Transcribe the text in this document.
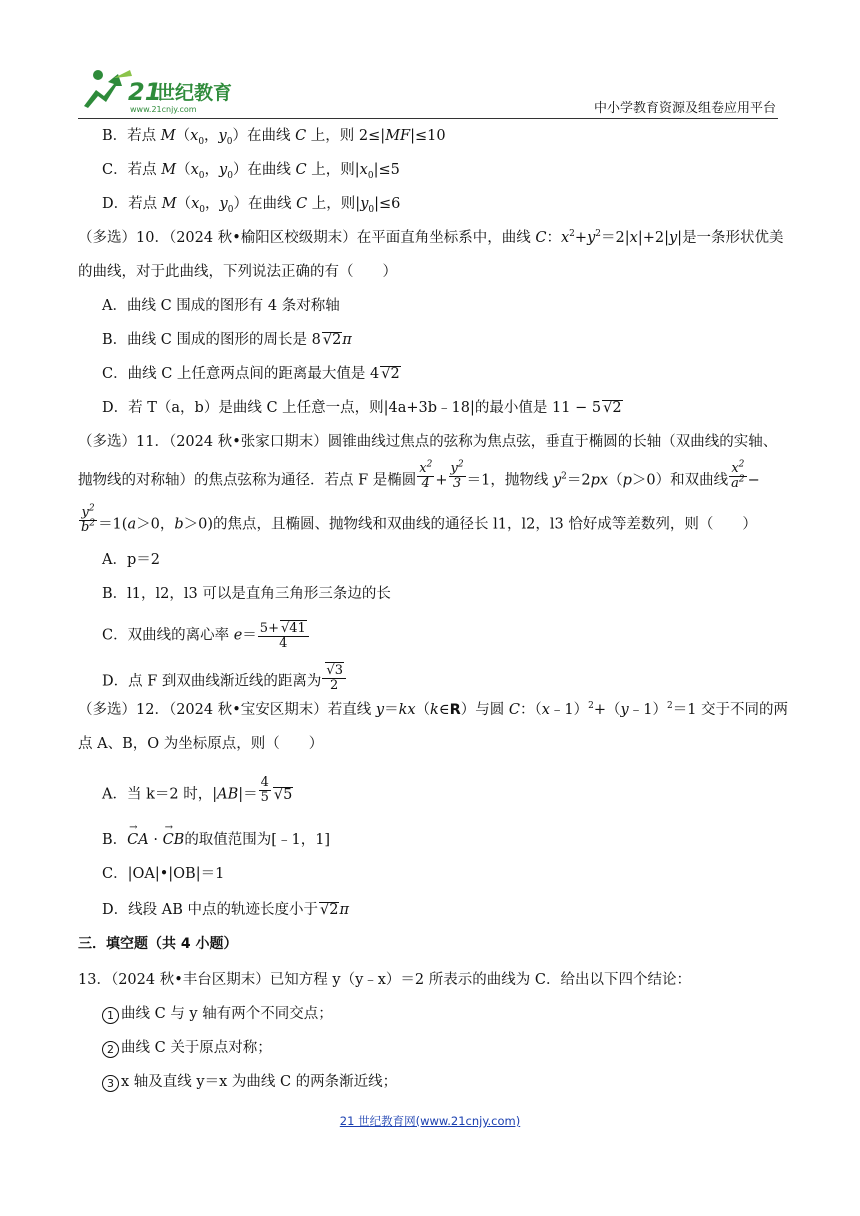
21
世纪教育
www.21cnjy.com	中小学教育资源及组卷应用平台
B．若点 $M(x_0$，$y_0$）在曲线 C 上，则 2≤|MF|≤10
C．若点 $M(x_0$，$y_0$）在曲线 C 上，则$|x_0|\le 5$
D．若点 $M(x_0$，$y_0$）在曲线 C 上，则$|y_0|\le 6$
（多选）10．（2024 秋•榆阳区校级期末）在平面直角坐标系中，曲线 C：$x^2+y^2=2|x|+2|y|$是一条形状优美
的曲线，对于此曲线，下列说法正确的有（　　）
A．曲线 C 围成的图形有 4 条对称轴
B．曲线 C 围成的图形的周长是 8 √2π
C．曲线 C 上任意两点间的距离最大值是 4 √2
D．若 T（a，b）是曲线 C 上任意一点，则|4a+3b﹣18|的最小值是 11 − 5 √2
（多选）11．（2024 秋•张家口期末）圆锥曲线过焦点的弦称为焦点弦，垂直于椭圆的长轴（双曲线的实轴、
抛物线的对称轴）的焦点弦称为通径．若点 F 是椭圆 $\frac{x^2}{4} + \frac{y^2}{3} =1$，抛物线 $y^2=2px(p>0)$和双曲线 $\frac{x^2}{a^2}$ −
$\frac{y^2}{b^2} =1(a>0$，b＞0)的焦点，且椭圆、抛物线和双曲线的通径长 l1，l2，l3 恰好成等差数列，则（　　）
A．p＝2
B．l1，l2，l3 可以是直角三角形三条边的长
C．双曲线的离心率 $e= \frac{5+ √41}{4}$
D．点 F 到双曲线渐近线的距离为 $\frac{√3}{2}$
（多选）12．（2024 秋•宝安区期末）若直线 y＝kx（k∈R）与圆 C：（x﹣1）$^2$+（y﹣1）$^2$＝1 交于不同的两
点 A、B，O 为坐标原点，则（　　）
A．当 k＝2 时，$|AB|= \frac{4}{5} √5$
B．→ CA · → CB的取值范围为[﹣1，1]
C．|OA|•|OB|＝1
D．线段 AB 中点的轨迹长度小于 √2π
三．填空题（共 4 小题）
13．（2024 秋•丰台区期末）已知方程 y（y﹣x）＝2 所表示的曲线为 C．给出以下四个结论：
1 曲线 C 与 y 轴有两个不同交点；
2 曲线 C 关于原点对称；
3 x 轴及直线 y＝x 为曲线 C 的两条渐近线；
21 世纪教育网(www.21cnjy.com)
